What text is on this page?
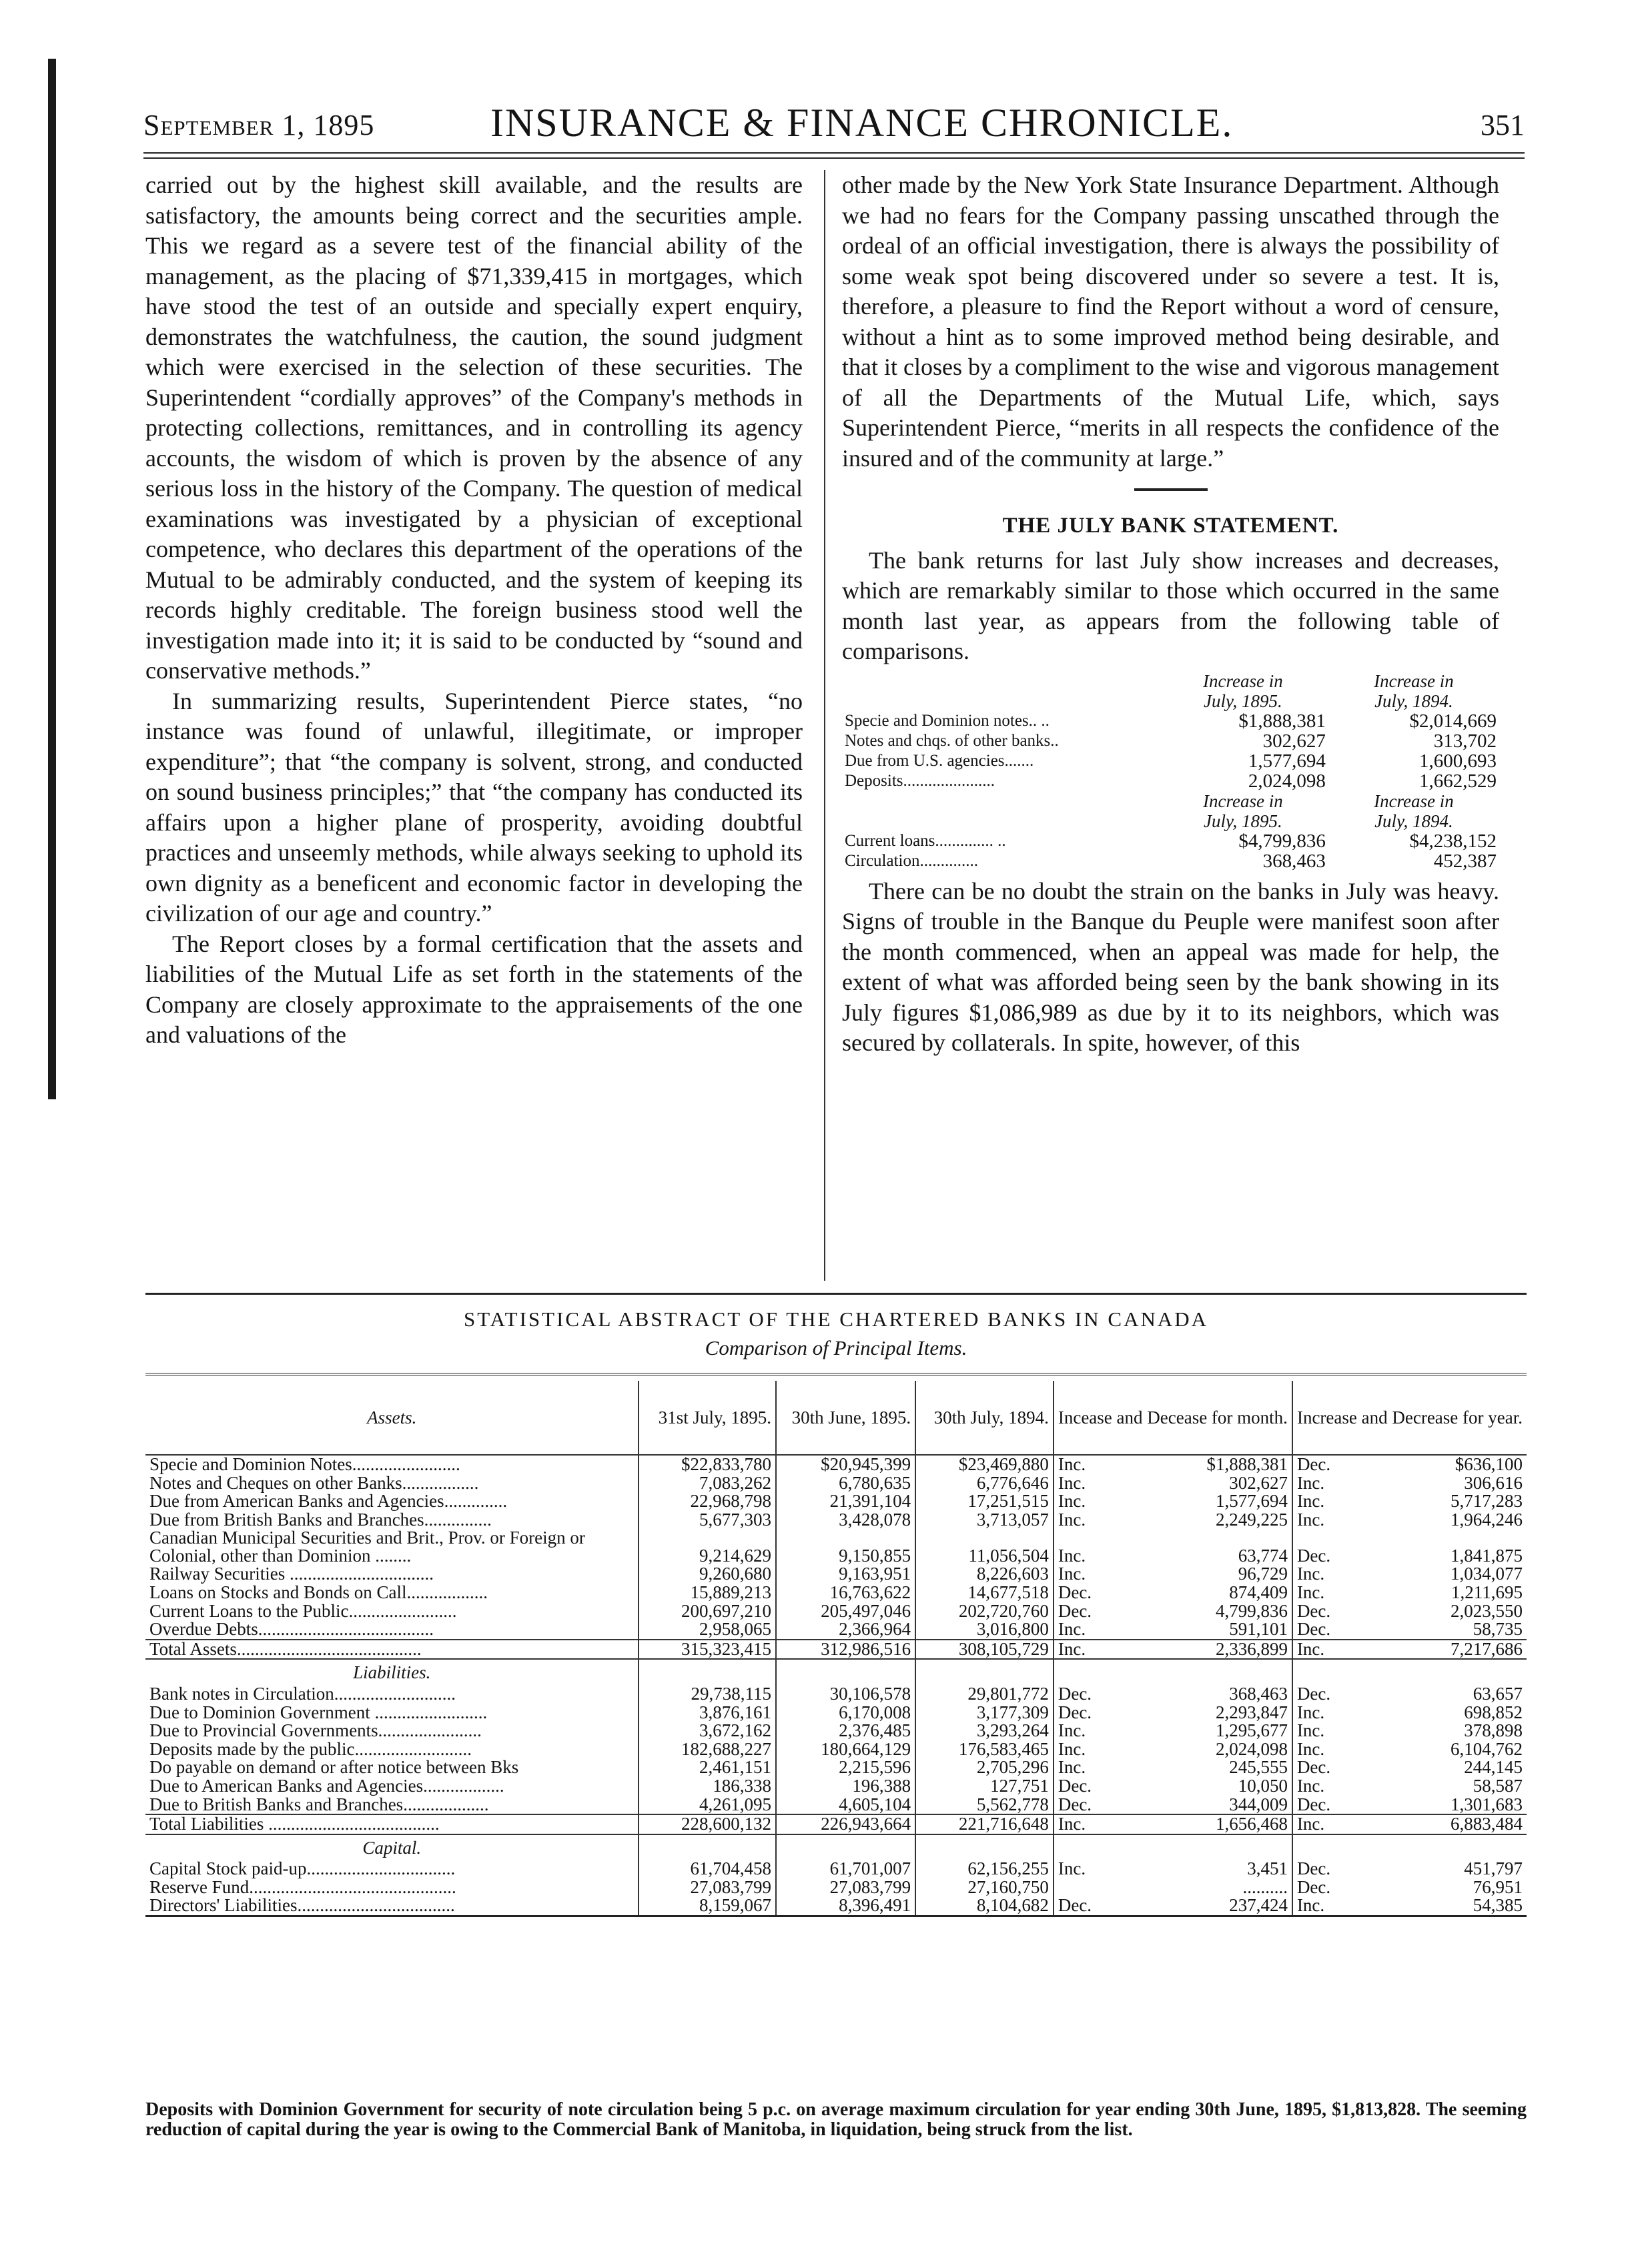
September 1, 1895	INSURANCE & FINANCE CHRONICLE.	351

carried out by the highest skill available, and the results are satisfactory, the amounts being correct and the securities ample. This we regard as a severe test of the financial ability of the management, as the placing of $71,339,415 in mortgages, which have stood the test of an outside and specially expert enquiry, demonstrates the watchfulness, the caution, the sound judgment which were exercised in the selection of these securities. The Superintendent “cordially approves” of the Company's methods in protecting collections, remittances, and in controlling its agency accounts, the wisdom of which is proven by the absence of any serious loss in the history of the Company. The question of medical examinations was investigated by a physician of exceptional competence, who declares this department of the operations of the Mutual to be admirably conducted, and the system of keeping its records highly creditable. The foreign business stood well the investigation made into it; it is said to be conducted by “sound and conservative methods.”

In summarizing results, Superintendent Pierce states, “no instance was found of unlawful, illegitimate, or improper expenditure”; that “the company is solvent, strong, and conducted on sound business principles;” that “the company has conducted its affairs upon a higher plane of prosperity, avoiding doubtful practices and unseemly methods, while always seeking to uphold its own dignity as a beneficent and economic factor in developing the civilization of our age and country.”

The Report closes by a formal certification that the assets and liabilities of the Mutual Life as set forth in the statements of the Company are closely approximate to the appraisements of the one and valuations of the

other made by the New York State Insurance Department. Although we had no fears for the Company passing unscathed through the ordeal of an official investigation, there is always the possibility of some weak spot being discovered under so severe a test. It is, therefore, a pleasure to find the Report without a word of censure, without a hint as to some improved method being desirable, and that it closes by a compliment to the wise and vigorous management of all the Departments of the Mutual Life, which, says Superintendent Pierce, “merits in all respects the confidence of the insured and of the community at large.”

THE JULY BANK STATEMENT.

The bank returns for last July show increases and decreases, which are remarkably similar to those which occurred in the same month last year, as appears from the following table of comparisons.

	Increase in	Increase in
	July, 1895.	July, 1894.
Specie and Dominion notes.. ..	$1,888,381	$2,014,669
Notes and chqs. of other banks..	302,627	313,702
Due from U.S. agencies.......	1,577,694	1,600,693
Deposits......................	2,024,098	1,662,529
	Increase in	Increase in
	July, 1895.	July, 1894.
Current loans.............. ..	$4,799,836	$4,238,152
Circulation..............	368,463	452,387

There can be no doubt the strain on the banks in July was heavy. Signs of trouble in the Banque du Peuple were manifest soon after the month commenced, when an appeal was made for help, the extent of what was afforded being seen by the bank showing in its July figures $1,086,989 as due by it to its neighbors, which was secured by collaterals. In spite, however, of this

STATISTICAL ABSTRACT OF THE CHARTERED BANKS IN CANADA
Comparison of Principal Items.
Assets.	31st July, 1895.	30th June, 1895.	30th July, 1894.	Incease and Decease for month.		Increase and Decrease for year.	
Specie and Dominion Notes........................	$22,833,780	$20,945,399	$23,469,880	Inc.	$1,888,381	Dec.	$636,100
Notes and Cheques on other Banks.................	7,083,262	6,780,635	6,776,646	Inc.	302,627	Inc.	306,616
Due from American Banks and Agencies..............	22,968,798	21,391,104	17,251,515	Inc.	1,577,694	Inc.	5,717,283
Due from British Banks and Branches...............	5,677,303	3,428,078	3,713,057	Inc.	2,249,225	Inc.	1,964,246
Canadian Municipal Securities and Brit., Prov. or Foreign or Colonial, other than Dominion ........	9,214,629	9,150,855	11,056,504	Inc.	63,774	Dec.	1,841,875
Railway Securities ................................	9,260,680	9,163,951	8,226,603	Inc.	96,729	Inc.	1,034,077
Loans on Stocks and Bonds on Call..................	15,889,213	16,763,622	14,677,518	Dec.	874,409	Inc.	1,211,695
Current Loans to the Public........................	200,697,210	205,497,046	202,720,760	Dec.	4,799,836	Dec.	2,023,550
Overdue Debts.......................................	2,958,065	2,366,964	3,016,800	Inc.	591,101	Dec.	58,735
Total Assets.........................................	315,323,415	312,986,516	308,105,729	Inc.	2,336,899	Inc.	7,217,686
Liabilities.							
Bank notes in Circulation...........................	29,738,115	30,106,578	29,801,772	Dec.	368,463	Dec.	63,657
Due to Dominion Government .........................	3,876,161	6,170,008	3,177,309	Dec.	2,293,847	Inc.	698,852
Due to Provincial Governments.......................	3,672,162	2,376,485	3,293,264	Inc.	1,295,677	Inc.	378,898
Deposits made by the public..........................	182,688,227	180,664,129	176,583,465	Inc.	2,024,098	Inc.	6,104,762
Do payable on demand or after notice between Bks	2,461,151	2,215,596	2,705,296	Inc.	245,555	Dec.	244,145
Due to American Banks and Agencies..................	186,338	196,388	127,751	Dec.	10,050	Inc.	58,587
Due to British Banks and Branches...................	4,261,095	4,605,104	5,562,778	Dec.	344,009	Dec.	1,301,683
Total Liabilities ......................................	228,600,132	226,943,664	221,716,648	Inc.	1,656,468	Inc.	6,883,484
Capital.							
Capital Stock paid-up.................................	61,704,458	61,701,007	62,156,255	Inc.	3,451	Dec.	451,797
Reserve Fund..............................................	27,083,799	27,083,799	27,160,750		..........	Dec.	76,951
Directors' Liabilities...................................	8,159,067	8,396,491	8,104,682	Dec.	237,424	Inc.	54,385
Deposits with Dominion Government for security of note circulation being 5 p.c. on average maximum circulation for year ending 30th June, 1895, $1,813,828. The seeming reduction of capital during the year is owing to the Commercial Bank of Manitoba, in liquidation, being struck from the list.
